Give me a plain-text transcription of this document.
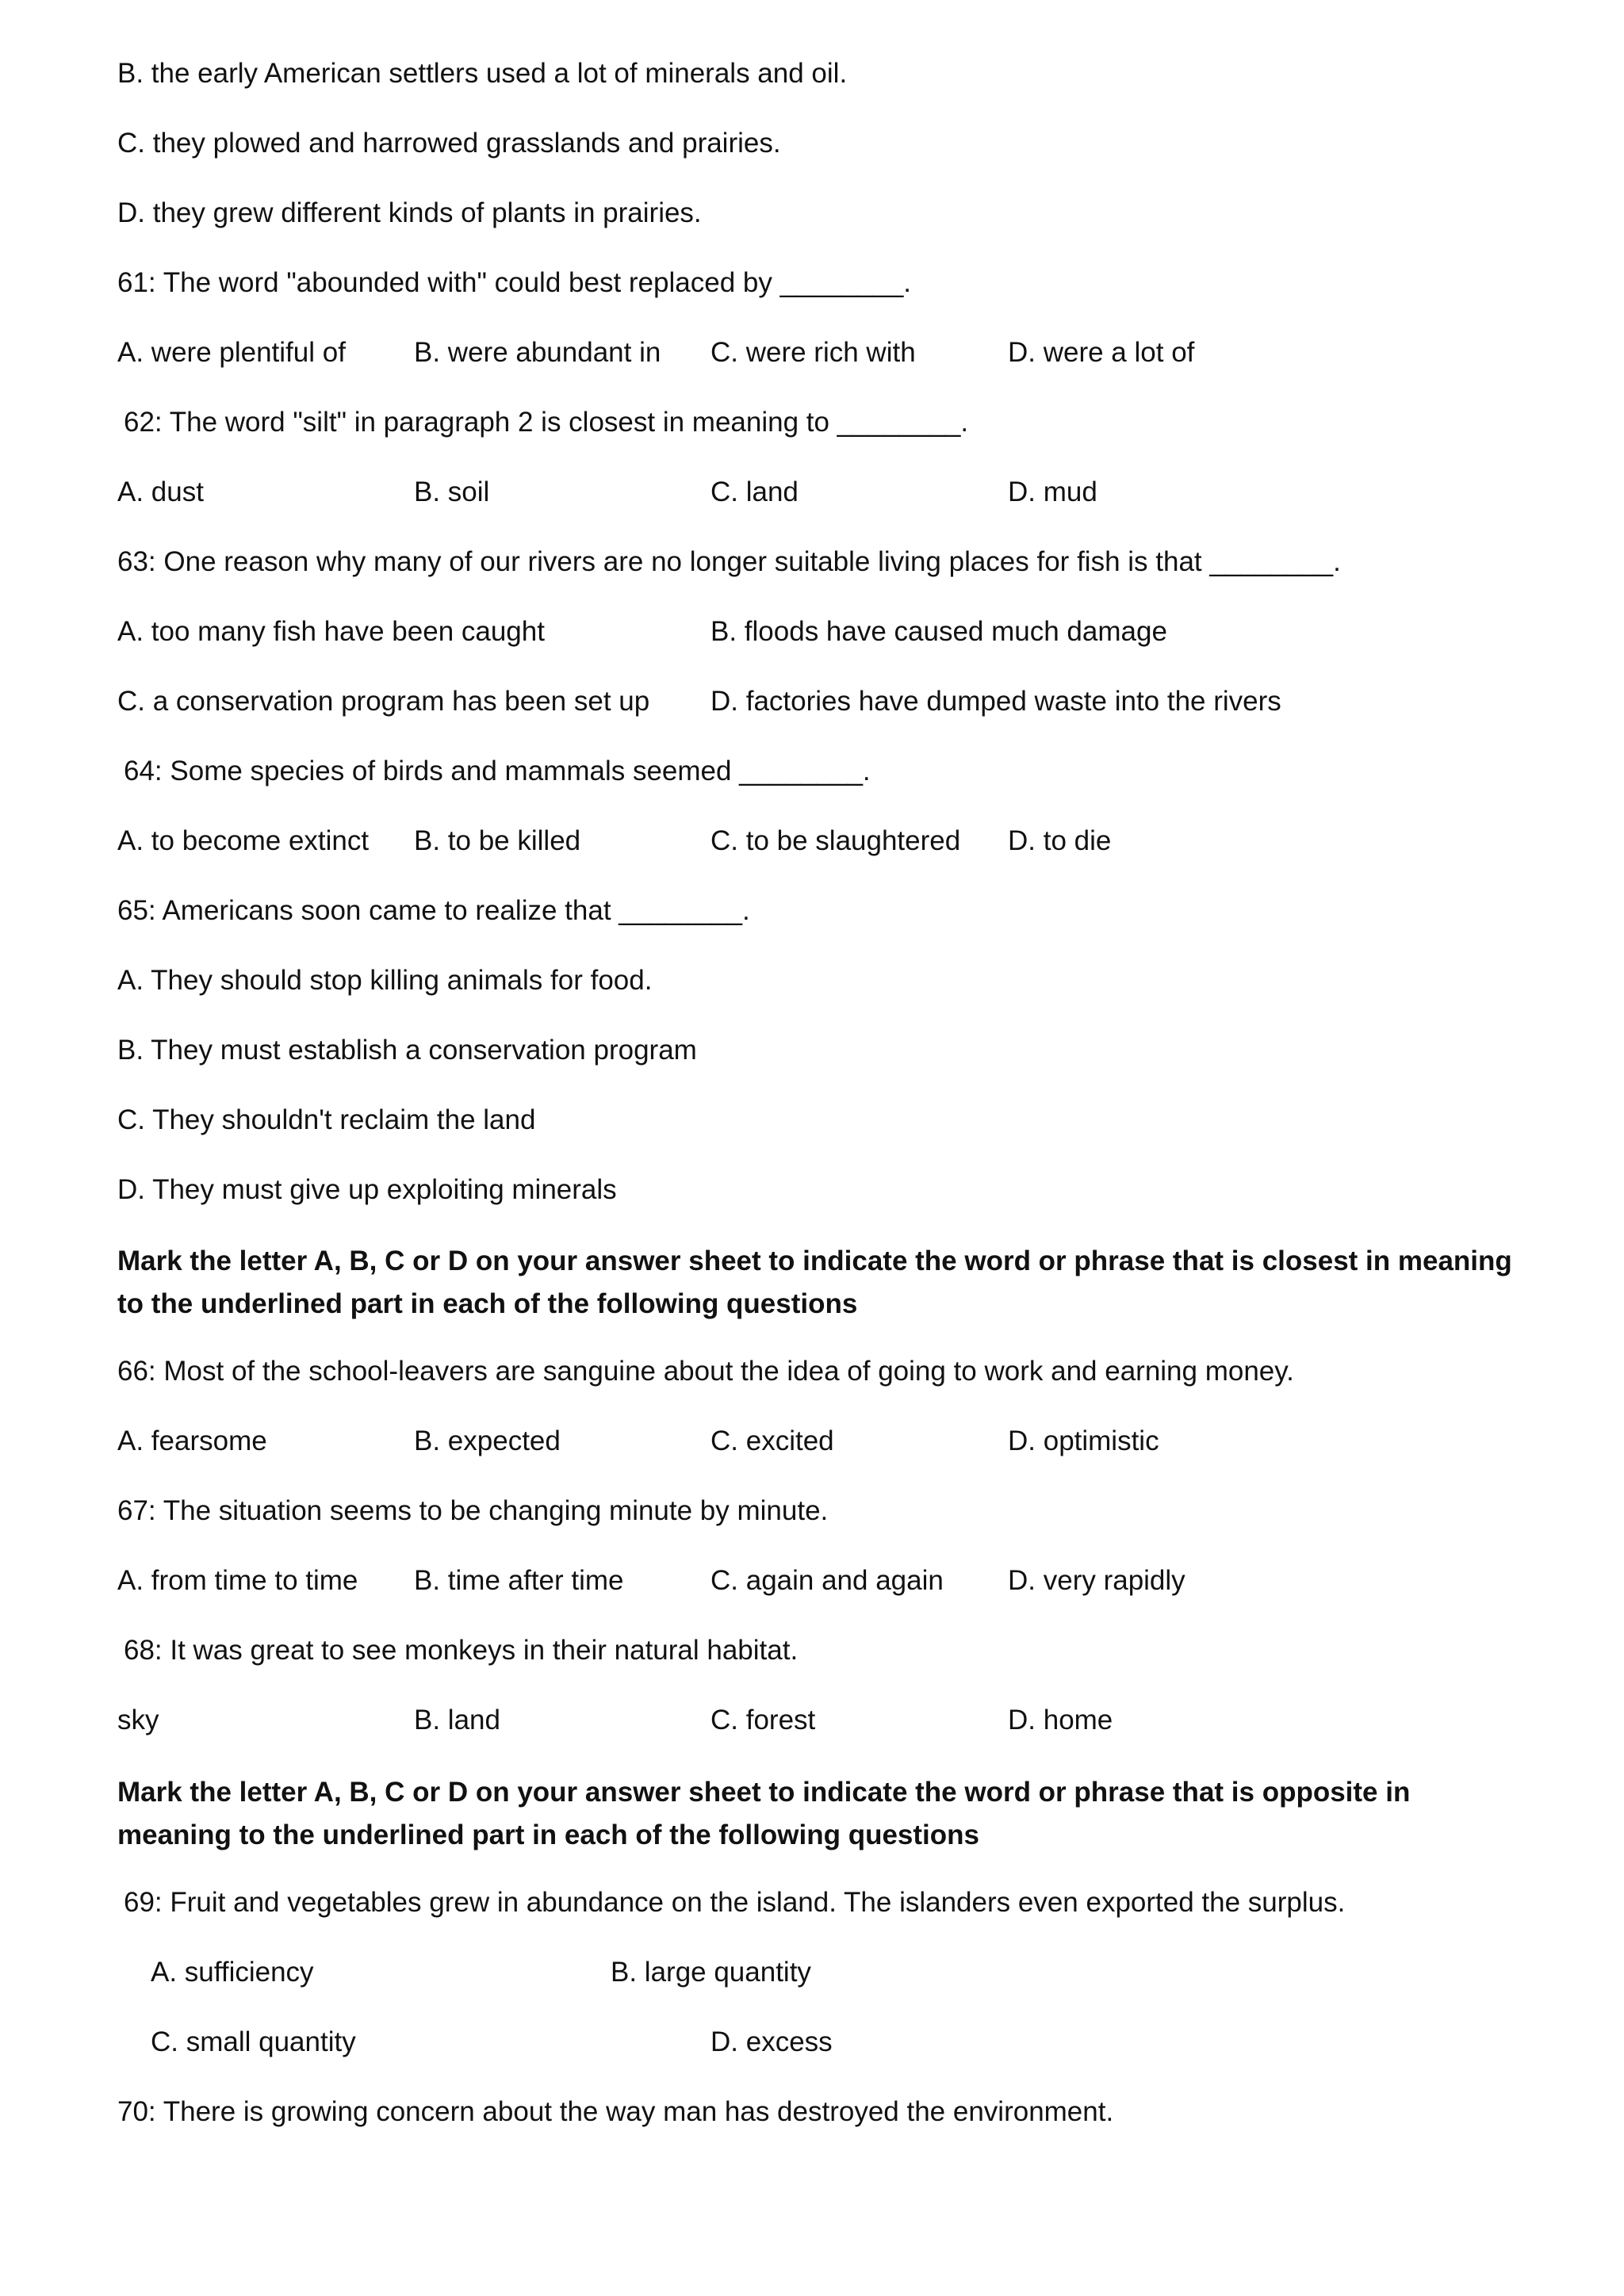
B. the early American settlers used a lot of minerals and oil.
C. they plowed and harrowed grasslands and prairies.
D. they grew different kinds of plants in prairies.
61: The word "abounded with" could best replaced by ________.
A. were plentiful of B. were abundant in C. were rich with	D. were a lot of
62: The word "silt" in paragraph 2 is closest in meaning to ________.
A. dust	B. soil	C. land	D. mud
63: One reason why many of our rivers are no longer suitable living places for fish is that ________.
A. too many fish have been caught	B. floods have caused much damage
C. a conservation program has been set up D. factories have dumped waste into the rivers
64: Some species of birds and mammals seemed ________.
A. to become extinct B. to be killed	C. to be slaughtered D. to die
65: Americans soon came to realize that ________.
A. They should stop killing animals for food.
B. They must establish a conservation program
C. They shouldn't reclaim the land
D. They must give up exploiting minerals
Mark the letter A, B, C or D on your answer sheet to indicate the word or phrase that is closest in meaning to the underlined part in each of the following questions
66: Most of the school-leavers are sanguine about the idea of going to work and earning money.
A. fearsome	B. expected	C. excited	D. optimistic
67: The situation seems to be changing minute by minute.
A. from time to time B. time after time	C. again and again D. very rapidly
68: It was great to see monkeys in their natural habitat.
sky	B. land	C. forest	D. home
Mark the letter A, B, C or D on your answer sheet to indicate the word or phrase that is opposite in meaning to the underlined part in each of the following questions
69: Fruit and vegetables grew in abundance on the island. The islanders even exported the surplus.
A. sufficiency	B. large quantity
C. small quantity	D. excess
70: There is growing concern about the way man has destroyed the environment.
